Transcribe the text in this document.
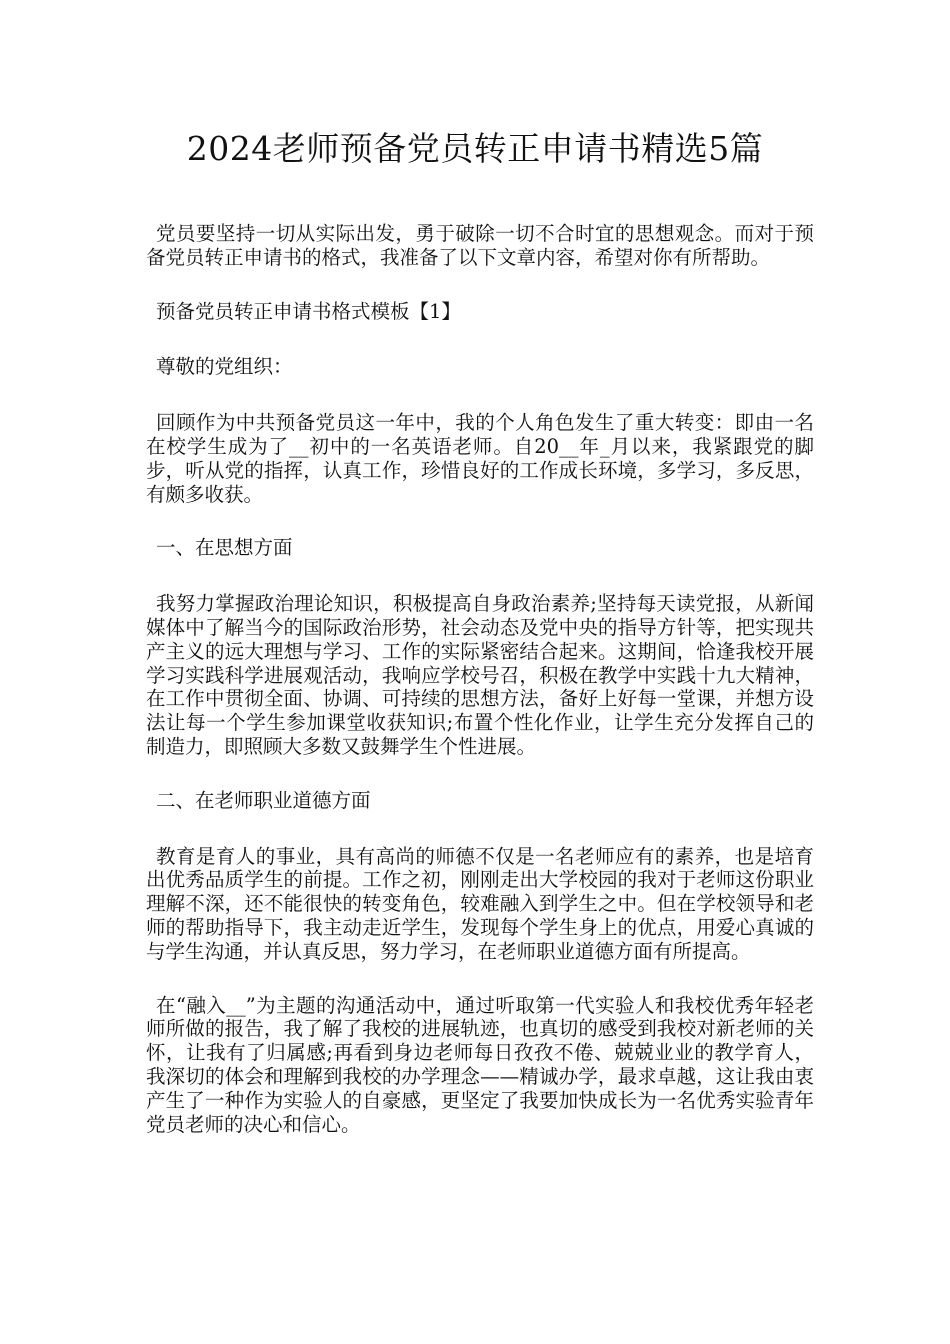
2024老师预备党员转正申请书精选5篇

党员要坚持一切从实际出发，勇于破除一切不合时宜的思想观念。而对于预备党员转正申请书的格式，我准备了以下文章内容，希望对你有所帮助。

预备党员转正申请书格式模板【1】

尊敬的党组织：

回顾作为中共预备党员这一年中，我的个人角色发生了重大转变：即由一名在校学生成为了__初中的一名英语老师。自20__年_月以来，我紧跟党的脚步，听从党的指挥，认真工作，珍惜良好的工作成长环境，多学习，多反思，有颇多收获。

一、在思想方面

我努力掌握政治理论知识，积极提高自身政治素养;坚持每天读党报，从新闻媒体中了解当今的国际政治形势，社会动态及党中央的指导方针等，把实现共产主义的远大理想与学习、工作的实际紧密结合起来。这期间，恰逢我校开展学习实践科学进展观活动，我响应学校号召，积极在教学中实践十九大精神，在工作中贯彻全面、协调、可持续的思想方法，备好上好每一堂课，并想方设法让每一个学生参加课堂收获知识;布置个性化作业，让学生充分发挥自己的制造力，即照顾大多数又鼓舞学生个性进展。

二、在老师职业道德方面

教育是育人的事业，具有高尚的师德不仅是一名老师应有的素养，也是培育出优秀品质学生的前提。工作之初，刚刚走出大学校园的我对于老师这份职业理解不深，还不能很快的转变角色，较难融入到学生之中。但在学校领导和老师的帮助指导下，我主动走近学生，发现每个学生身上的优点，用爱心真诚的与学生沟通，并认真反思，努力学习，在老师职业道德方面有所提高。

在“融入__”为主题的沟通活动中，通过听取第一代实验人和我校优秀年轻老师所做的报告，我了解了我校的进展轨迹，也真切的感受到我校对新老师的关怀，让我有了归属感;再看到身边老师每日孜孜不倦、兢兢业业的教学育人，我深切的体会和理解到我校的办学理念——精诚办学，最求卓越，这让我由衷产生了一种作为实验人的自豪感，更坚定了我要加快成长为一名优秀实验青年党员老师的决心和信心。
